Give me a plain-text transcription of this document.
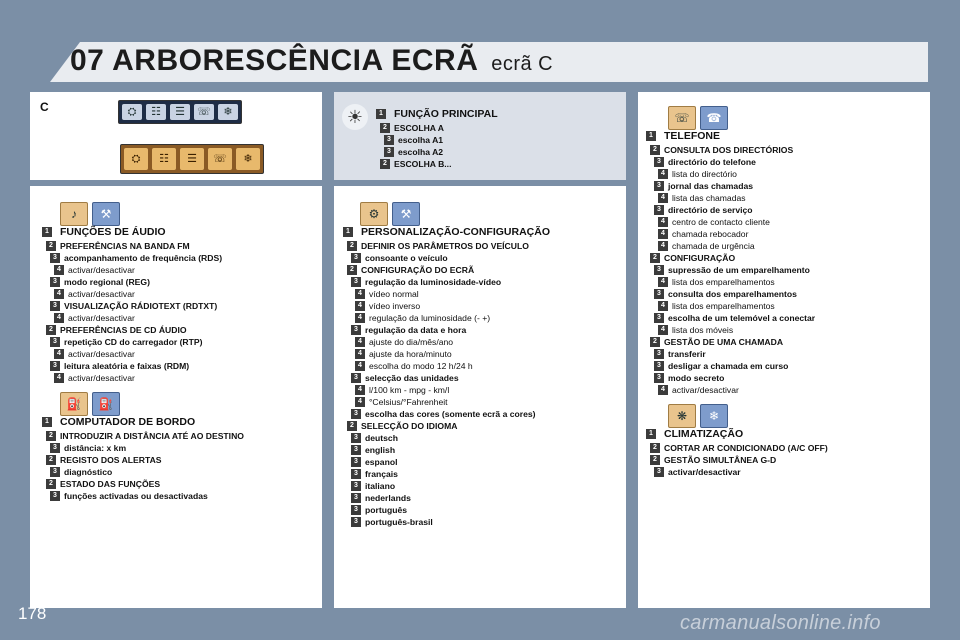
07 ARBORESCÊNCIA ECRÃ ecrã C
C	⛭	☷	☰	☏	❄
⛭	☷	☰	☏	❄
♪	⚒
⛽	⛽
☀
⚙	⚒
☏	☎
❋	❄
1 FUNÇÕES DE ÁUDIO
2 PREFERÊNCIAS NA BANDA FM
3 acompanhamento de frequência (RDS)
4 activar/desactivar
3 modo regional (REG)
4 activar/desactivar
3 VISUALIZAÇÃO RÁDIOTEXT (RDTXT)
4 activar/desactivar
2 PREFERÊNCIAS DE CD ÁUDIO
3 repetição CD do carregador (RTP)
4 activar/desactivar
3 leitura aleatória e faixas (RDM)
4 activar/desactivar
1 COMPUTADOR DE BORDO
2 INTRODUZIR A DISTÂNCIA ATÉ AO DESTINO
3 distância: x km
2 REGISTO DOS ALERTAS
3 diagnóstico
2 ESTADO DAS FUNÇÕES
3 funções activadas ou desactivadas
1 FUNÇÃO PRINCIPAL
2 ESCOLHA A
3 escolha A1
3 escolha A2
2 ESCOLHA B...
1 PERSONALIZAÇÃO-CONFIGURAÇÃO
2 DEFINIR OS PARÂMETROS DO VEÍCULO
3 consoante o veículo
2 CONFIGURAÇÃO DO ECRÃ
3 regulação da luminosidade-vídeo
4 vídeo normal
4 vídeo inverso
4 regulação da luminosidade (- +)
3 regulação da data e hora
4 ajuste do dia/mês/ano
4 ajuste da hora/minuto
4 escolha do modo 12 h/24 h
3 selecção das unidades
4 l/100 km - mpg - km/l
4 °Celsius/°Fahrenheit
3 escolha das cores (somente ecrã a cores)
2 SELECÇÃO DO IDIOMA
3 deutsch
3 english
3 espanol
3 français
3 italiano
3 nederlands
3 português
3 português-brasil
1 TELEFONE
2 CONSULTA DOS DIRECTÓRIOS
3 directório do telefone
4 lista do directório
3 jornal das chamadas
4 lista das chamadas
3 directório de serviço
4 centro de contacto cliente
4 chamada rebocador
4 chamada de urgência
2 CONFIGURAÇÃO
3 supressão de um emparelhamento
4 lista dos emparelhamentos
3 consulta dos emparelhamentos
4 lista dos emparelhamentos
3 escolha de um telemóvel a conectar
4 lista dos móveis
2 GESTÃO DE UMA CHAMADA
3 transferir
3 desligar a chamada em curso
3 modo secreto
4 activar/desactivar
1 CLIMATIZAÇÃO
2 CORTAR AR CONDICIONADO (A/C OFF)
2 GESTÃO SIMULTÂNEA G-D
3 activar/desactivar
178	carmanualsonline.info
